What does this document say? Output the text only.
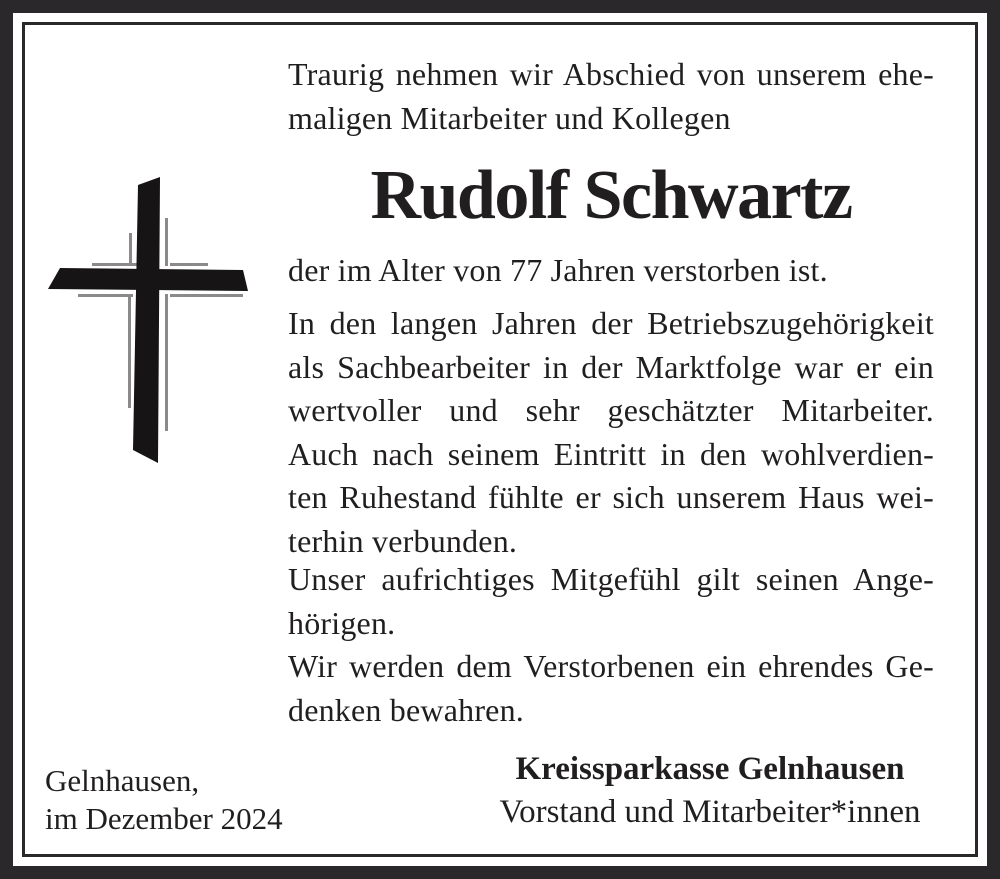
Traurig nehmen wir Abschied von unserem ehe-
maligen Mitarbeiter und Kollegen
Rudolf Schwartz
der im Alter von 77 Jahren verstorben ist.
In den langen Jahren der Betriebszugehörigkeit
als Sachbearbeiter in der Marktfolge war er ein
wertvoller und sehr geschätzter Mitarbeiter.
Auch nach seinem Eintritt in den wohlverdien-
ten Ruhestand fühlte er sich unserem Haus wei-
terhin verbunden.
Unser aufrichtiges Mitgefühl gilt seinen Ange-
hörigen.
Wir werden dem Verstorbenen ein ehrendes Ge-
denken bewahren.
Gelnhausen,
im Dezember 2024
Kreissparkasse Gelnhausen
Vorstand und Mitarbeiter*innen
